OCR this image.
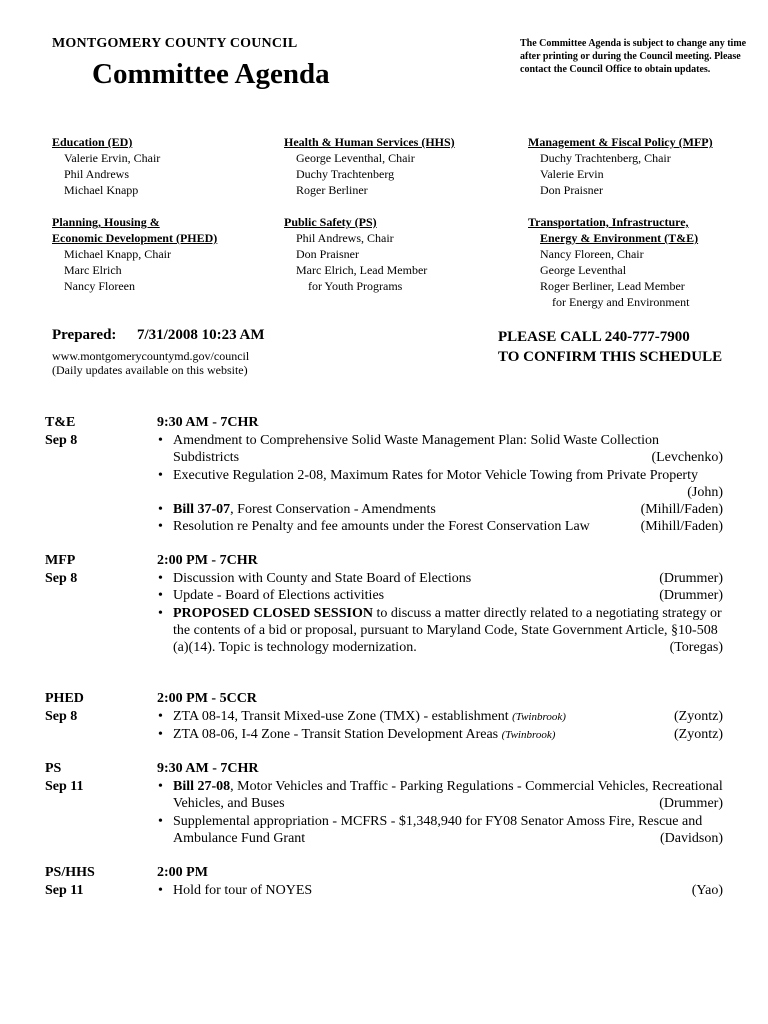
MONTGOMERY COUNTY COUNCIL
Committee Agenda
The Committee Agenda is subject to change any time after printing or during the Council meeting. Please contact the Council Office to obtain updates.
Education (ED)
Valerie Ervin, Chair
Phil Andrews
Michael Knapp
Health & Human Services (HHS)
George Leventhal, Chair
Duchy Trachtenberg
Roger Berliner
Management & Fiscal Policy (MFP)
Duchy Trachtenberg, Chair
Valerie Ervin
Don Praisner
Planning, Housing &
Economic Development (PHED)
Michael Knapp, Chair
Marc Elrich
Nancy Floreen
Public Safety (PS)
Phil Andrews, Chair
Don Praisner
Marc Elrich, Lead Member
for Youth Programs
Transportation, Infrastructure,
Energy & Environment (T&E)
Nancy Floreen, Chair
George Leventhal
Roger Berliner, Lead Member
for Energy and Environment
Prepared: 7/31/2008 10:23 AM
www.montgomerycountymd.gov/council
(Daily updates available on this website)
PLEASE CALL 240-777-7900
TO CONFIRM THIS SCHEDULE
T&E
Sep 8
9:30 AM - 7CHR
• Amendment to Comprehensive Solid Waste Management Plan: Solid Waste Collection Subdistricts	(Levchenko)
• Executive Regulation 2-08, Maximum Rates for Motor Vehicle Towing from Private Property
(John)
• Bill 37-07, Forest Conservation - Amendments	(Mihill/Faden)
• Resolution re Penalty and fee amounts under the Forest Conservation Law	(Mihill/Faden)
MFP
Sep 8
2:00 PM - 7CHR
• Discussion with County and State Board of Elections	(Drummer)
• Update - Board of Elections activities	(Drummer)
• PROPOSED CLOSED SESSION to discuss a matter directly related to a negotiating strategy or the contents of a bid or proposal, pursuant to Maryland Code, State Government Article, §10-508 (a)(14). Topic is technology modernization.	(Toregas)
PHED
Sep 8
2:00 PM - 5CCR
• ZTA 08-14, Transit Mixed-use Zone (TMX) - establishment (Twinbrook)	(Zyontz)
• ZTA 08-06, I-4 Zone - Transit Station Development Areas (Twinbrook)	(Zyontz)
PS
Sep 11
9:30 AM - 7CHR
• Bill 27-08, Motor Vehicles and Traffic - Parking Regulations - Commercial Vehicles, Recreational Vehicles, and Buses	(Drummer)
• Supplemental appropriation - MCFRS - $1,348,940 for FY08 Senator Amoss Fire, Rescue and Ambulance Fund Grant	(Davidson)
PS/HHS
Sep 11
2:00 PM
• Hold for tour of NOYES	(Yao)
